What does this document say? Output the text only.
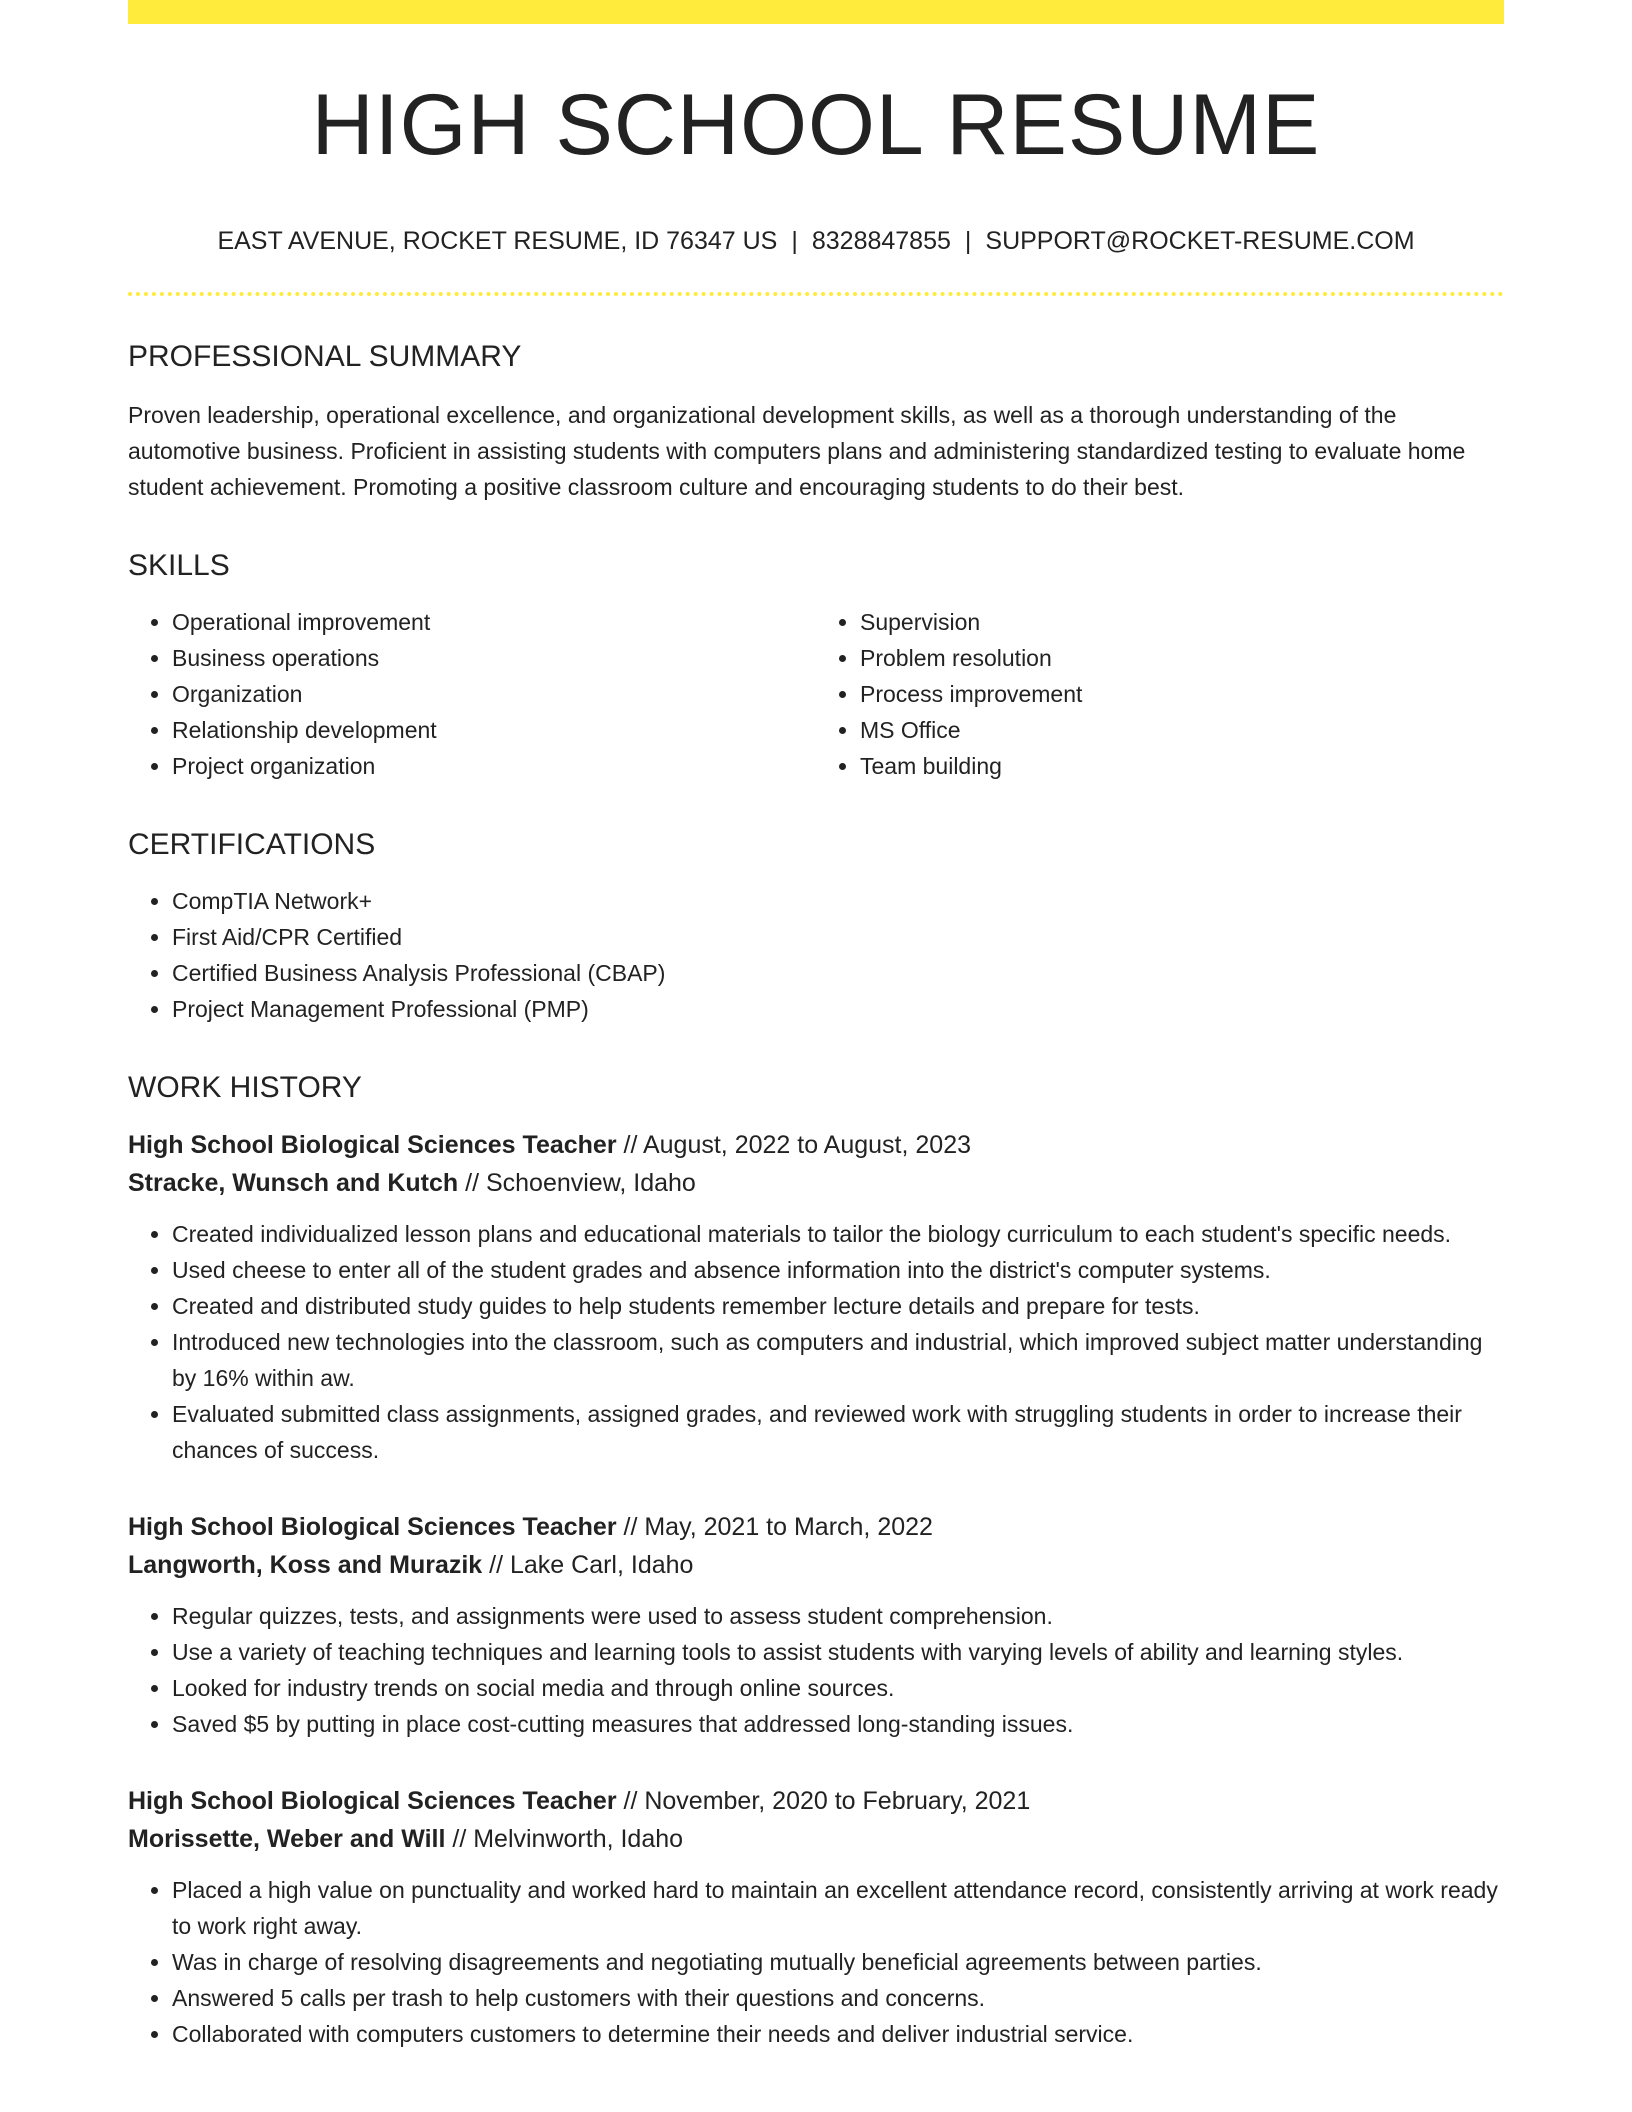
HIGH SCHOOL RESUME
EAST AVENUE, ROCKET RESUME, ID 76347 US | 8328847855 | SUPPORT@ROCKET-RESUME.COM
PROFESSIONAL SUMMARY

Proven leadership, operational excellence, and organizational development skills, as well as a thorough understanding of the automotive business. Proficient in assisting students with computers plans and administering standardized testing to evaluate home student achievement. Promoting a positive classroom culture and encouraging students to do their best.

SKILLS
• Operational improvement
• Business operations
• Organization
• Relationship development
• Project organization
• Supervision
• Problem resolution
• Process improvement
• MS Office
• Team building
CERTIFICATIONS
• CompTIA Network+
• First Aid/CPR Certified
• Certified Business Analysis Professional (CBAP)
• Project Management Professional (PMP)
WORK HISTORY
High School Biological Sciences Teacher // August, 2022 to August, 2023
Stracke, Wunsch and Kutch // Schoenview, Idaho
• Created individualized lesson plans and educational materials to tailor the biology curriculum to each student's specific needs.
• Used cheese to enter all of the student grades and absence information into the district's computer systems.
• Created and distributed study guides to help students remember lecture details and prepare for tests.
• Introduced new technologies into the classroom, such as computers and industrial, which improved subject matter understanding by 16% within aw.
• Evaluated submitted class assignments, assigned grades, and reviewed work with struggling students in order to increase their chances of success.
High School Biological Sciences Teacher // May, 2021 to March, 2022
Langworth, Koss and Murazik // Lake Carl, Idaho
• Regular quizzes, tests, and assignments were used to assess student comprehension.
• Use a variety of teaching techniques and learning tools to assist students with varying levels of ability and learning styles.
• Looked for industry trends on social media and through online sources.
• Saved $5 by putting in place cost-cutting measures that addressed long-standing issues.
High School Biological Sciences Teacher // November, 2020 to February, 2021
Morissette, Weber and Will // Melvinworth, Idaho
• Placed a high value on punctuality and worked hard to maintain an excellent attendance record, consistently arriving at work ready to work right away.
• Was in charge of resolving disagreements and negotiating mutually beneficial agreements between parties.
• Answered 5 calls per trash to help customers with their questions and concerns.
• Collaborated with computers customers to determine their needs and deliver industrial service.
